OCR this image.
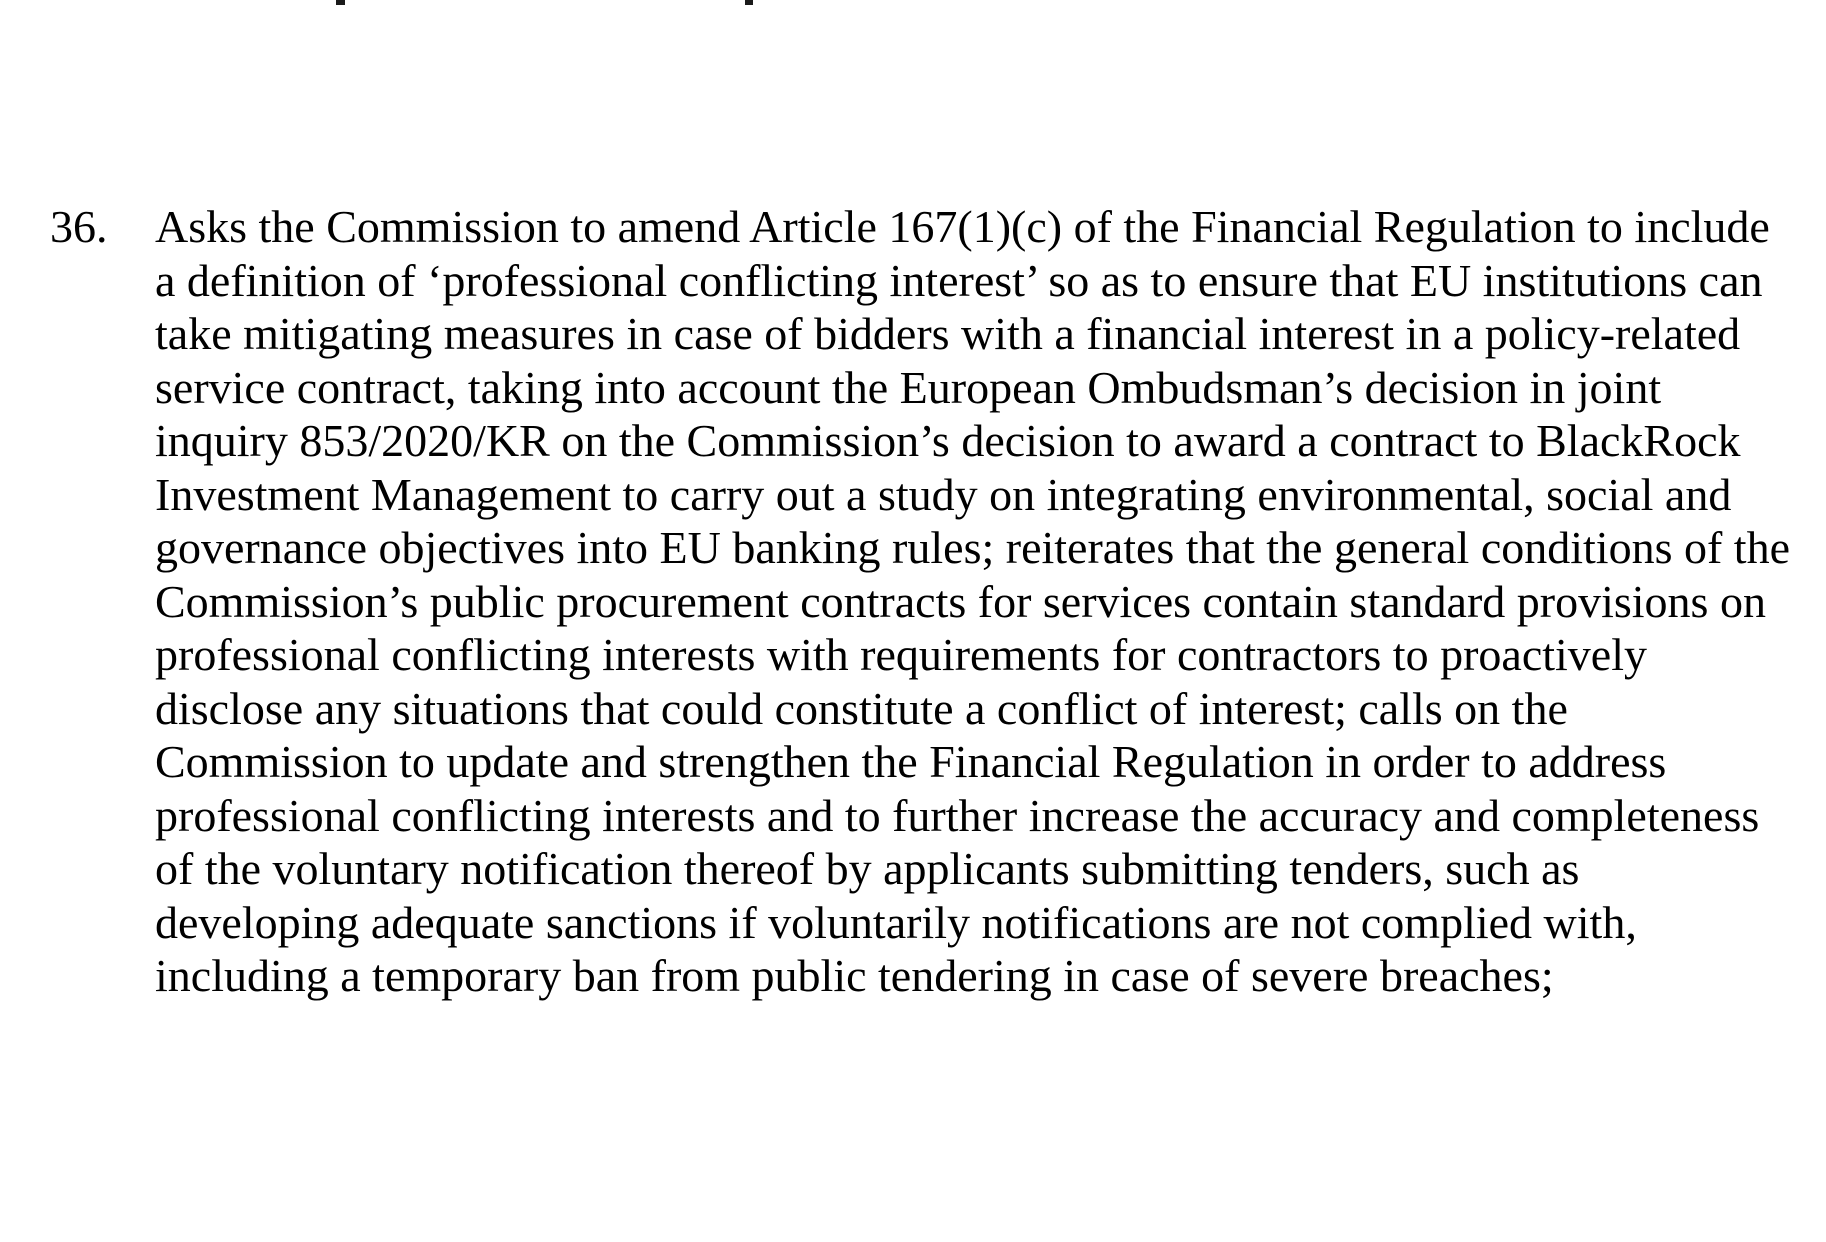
36.	Asks the Commission to amend Article 167(1)(c) of the Financial Regulation to include
a definition of ‘professional conflicting interest’ so as to ensure that EU institutions can
take mitigating measures in case of bidders with a financial interest in a policy-related
service contract, taking into account the European Ombudsman’s decision in joint
inquiry 853/2020/KR on the Commission’s decision to award a contract to BlackRock
Investment Management to carry out a study on integrating environmental, social and
governance objectives into EU banking rules; reiterates that the general conditions of the
Commission’s public procurement contracts for services contain standard provisions on
professional conflicting interests with requirements for contractors to proactively
disclose any situations that could constitute a conflict of interest; calls on the
Commission to update and strengthen the Financial Regulation in order to address
professional conflicting interests and to further increase the accuracy and completeness
of the voluntary notification thereof by applicants submitting tenders, such as
developing adequate sanctions if voluntarily notifications are not complied with,
including a temporary ban from public tendering in case of severe breaches;
